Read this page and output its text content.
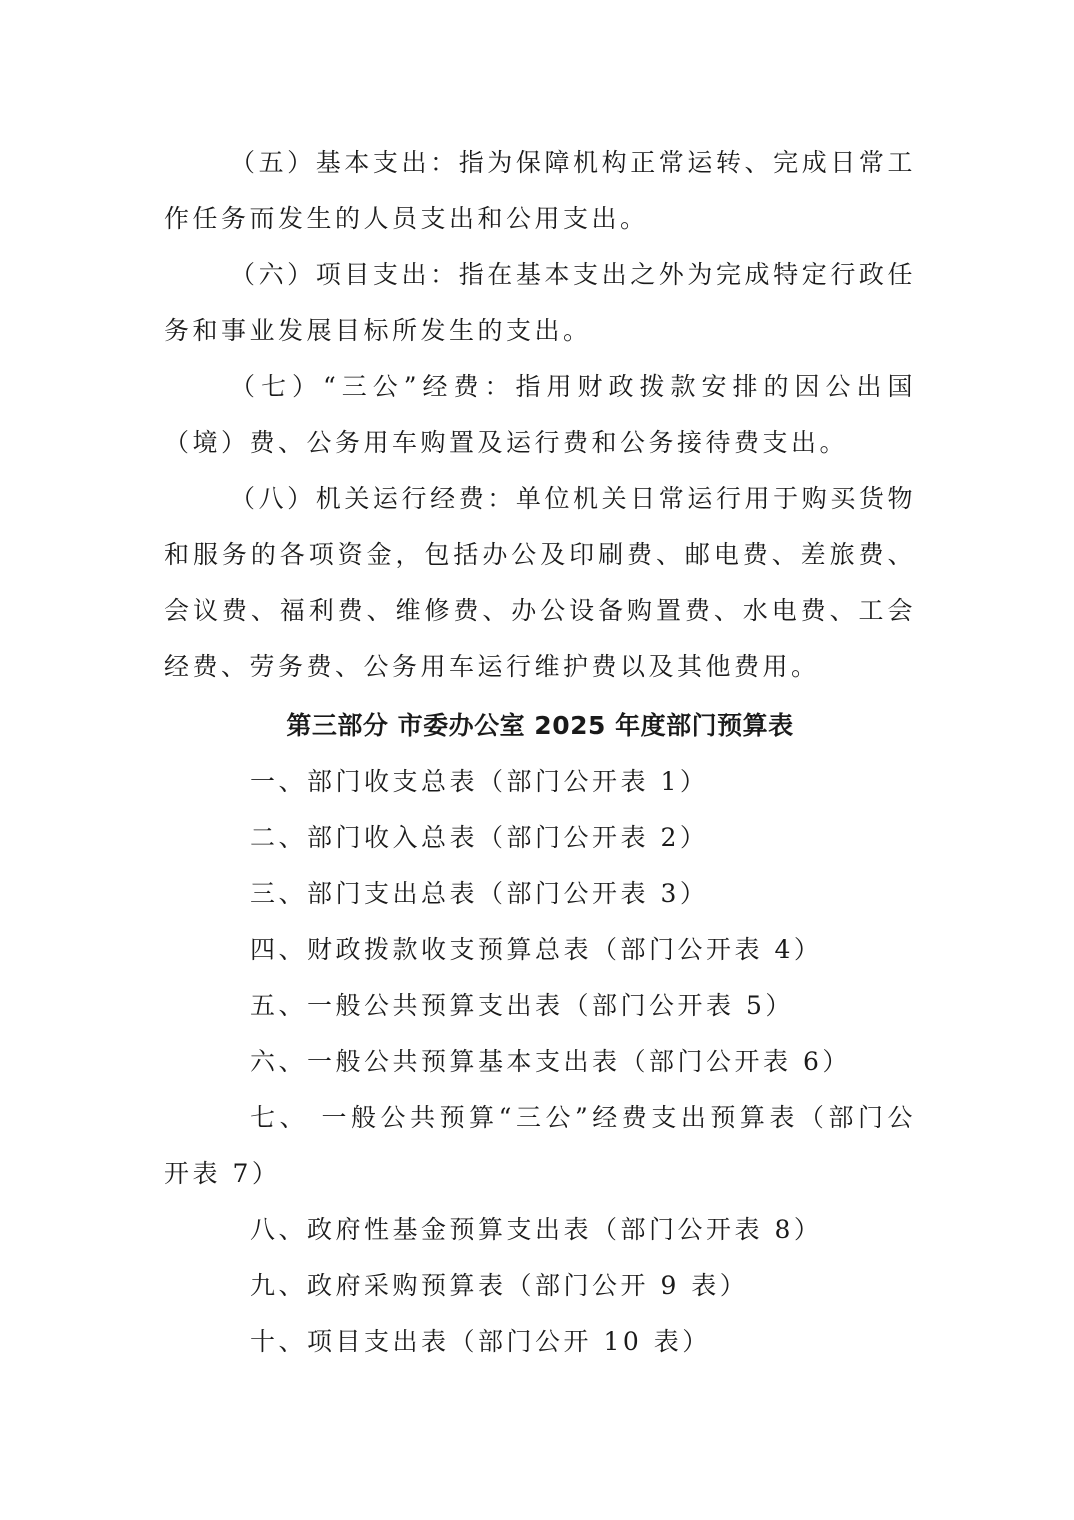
（五）基本支出：指为保障机构正常运转、完成日常工作任务而发生的人员支出和公用支出。

（六）项目支出：指在基本支出之外为完成特定行政任务和事业发展目标所发生的支出。

（七）“三公”经费：指用财政拨款安排的因公出国（境）费、公务用车购置及运行费和公务接待费支出。

（八）机关运行经费：单位机关日常运行用于购买货物和服务的各项资金，包括办公及印刷费、邮电费、差旅费、会议费、福利费、维修费、办公设备购置费、水电费、工会经费、劳务费、公务用车运行维护费以及其他费用。

第三部分 市委办公室 2025 年度部门预算表
一、部门收支总表（部门公开表 1）
二、部门收入总表（部门公开表 2）
三、部门支出总表（部门公开表 3）
四、财政拨款收支预算总表（部门公开表 4）
五、一般公共预算支出表（部门公开表 5）
六、一般公共预算基本支出表（部门公开表 6）
七、 一般公共预算“三公”经费支出预算表（部门公开表 7）
八、政府性基金预算支出表（部门公开表 8）
九、政府采购预算表（部门公开 9 表）
十、项目支出表（部门公开 10 表）
